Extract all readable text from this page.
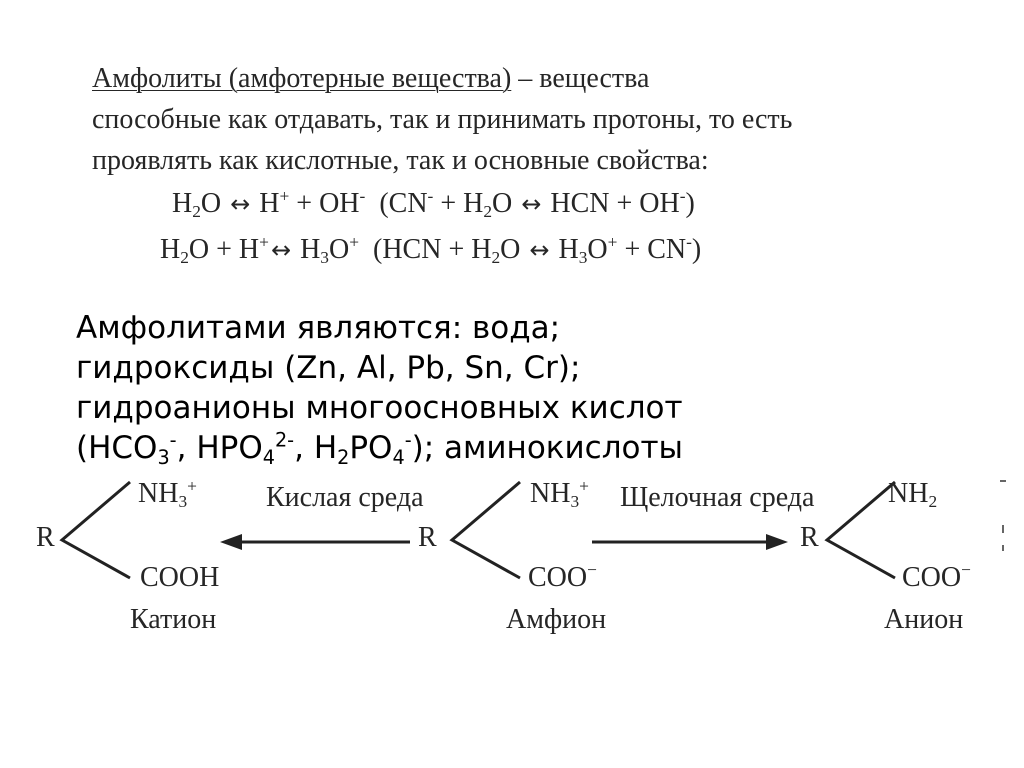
Амфолиты (амфотерные вещества) – вещества
способные как отдавать, так и принимать протоны, то есть
проявлять как кислотные, так и основные свойства:
$H_2O$ ↔ H+ + OH-  ($CN^- + H_2O$ ↔ HCN + OH-)
$H_2O$ + H+↔ $H_3O^+$  ($HCN + H_2O$ ↔ $H_3O^+ + CN^-$)
Амфолитами являются: вода;
гидроксиды (Zn, Al, Pb, Sn, Cr);
гидроанионы многоосновных кислот
($HCO_3^-$, $HPO_4^{2-}$, $H_2PO_4^-$); аминокислоты
R
$NH_3^+$
COOH
Катион
Кислая среда
R
$NH_3^+$
COO−
Амфион
Щелочная среда
R
$NH_2$
COO−
Анион
